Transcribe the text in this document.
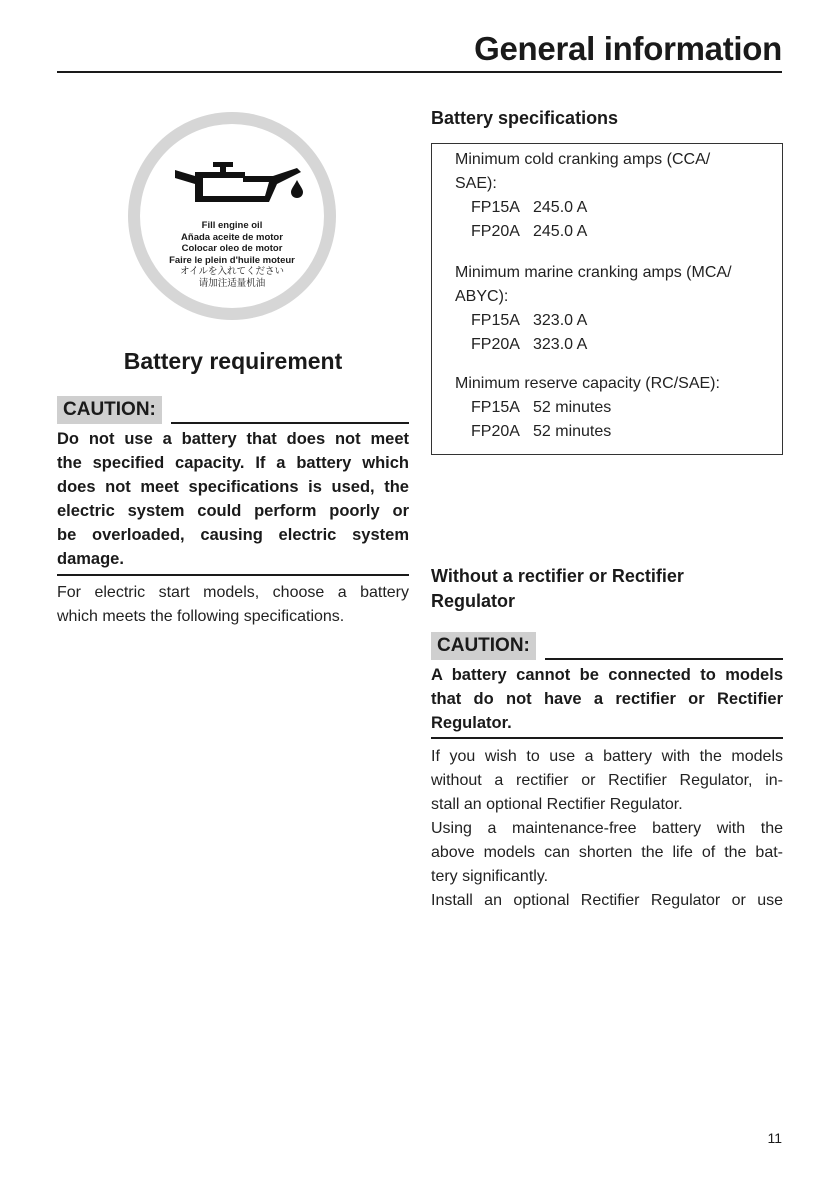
General information
Fill engine oil
Añada aceite de motor
Colocar oleo de motor
Faire le plein d'huile moteur
オイルを入れてください
请加注适量机油
Battery requirement
CAUTION:
Do not use a battery that does not meet
the specified capacity. If a battery which
does not meet specifications is used, the
electric system could perform poorly or
be overloaded, causing electric system
damage.
For electric start models, choose a battery
which meets the following specifications.
Battery specifications
Minimum cold cranking amps (CCA/
SAE):
FP15A 245.0 A
FP20A 245.0 A
Minimum marine cranking amps (MCA/
ABYC):
FP15A 323.0 A
FP20A 323.0 A
Minimum reserve capacity (RC/SAE):
FP15A 52 minutes
FP20A 52 minutes
Without a rectifier or Rectifier
Regulator
CAUTION:
A battery cannot be connected to models
that do not have a rectifier or Rectifier
Regulator.
If you wish to use a battery with the models
without a rectifier or Rectifier Regulator, in-
stall an optional Rectifier Regulator.
Using a maintenance-free battery with the
above models can shorten the life of the bat-
tery significantly.
Install an optional Rectifier Regulator or use
11
